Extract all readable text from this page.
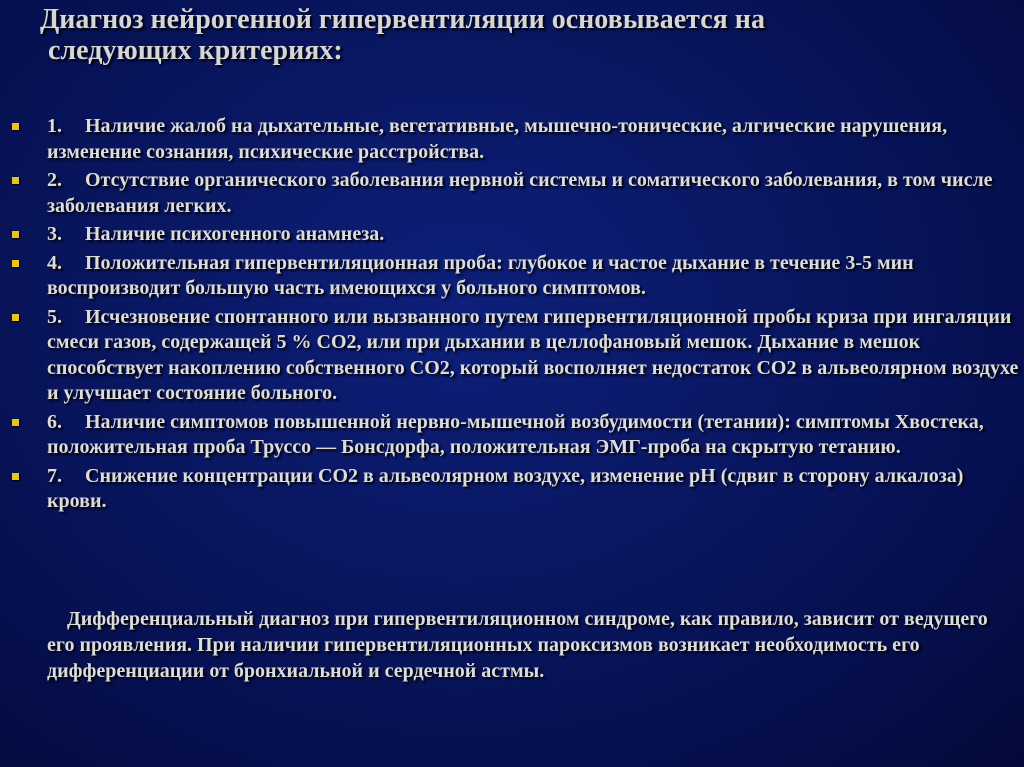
Диагноз нейрогенной гипервентиляции основывается на
следующих критериях:
1. Наличие жалоб на дыхательные, вегетативные, мышечно-тонические, алгические нарушения, изменение сознания, психические расстройства.
2. Отсутствие органического заболевания нервной системы и соматического заболевания, в том числе заболевания легких.
3. Наличие психогенного анамнеза.
4. Положительная гипервентиляционная проба: глубокое и частое дыхание в течение 3-5 мин воспроизводит большую часть имеющихся у больного симптомов.
5. Исчезновение спонтанного или вызванного путем гипервентиляционной пробы криза при ингаляции смеси газов, содержащей 5 % СО2, или при дыхании в целлофановый мешок. Дыхание в мешок способствует накоплению собственного СО2, который восполняет недостаток СО2 в альвеолярном воздухе и улучшает состояние больного.
6. Наличие симптомов повышенной нервно-мышечной возбудимости (тетании): симптомы Хвостека, положительная проба Труссо — Бонсдорфа, положительная ЭМГ-проба на скрытую тетанию.
7. Снижение концентрации СО2 в альвеолярном воздухе, изменение pH (сдвиг в сторону алкалоза) крови.

Дифференциальный диагноз при гипервентиляционном синдроме, как правило, зависит от ведущего его проявления. При наличии гипервентиляционных пароксизмов возникает необходимость его дифференциации от бронхиальной и сердечной астмы.
